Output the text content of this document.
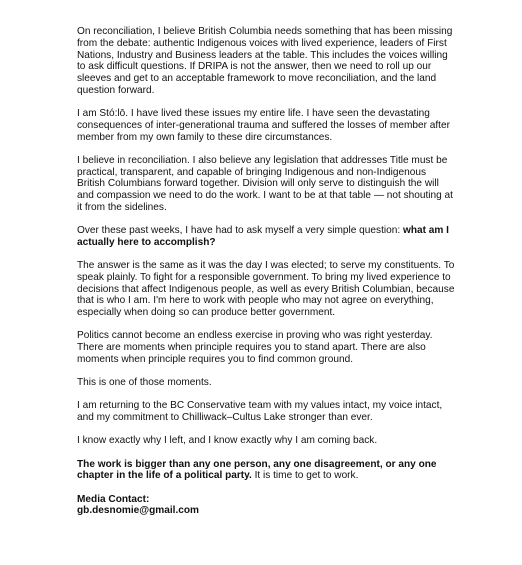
On reconciliation, I believe British Columbia needs something that has been missing from the debate: authentic Indigenous voices with lived experience, leaders of First Nations, Industry and Business leaders at the table. This includes the voices willing to ask difficult questions. If DRIPA is not the answer, then we need to roll up our sleeves and get to an acceptable framework to move reconciliation, and the land question forward.

I am Stó:lō. I have lived these issues my entire life. I have seen the devastating consequences of inter-generational trauma and suffered the losses of member after member from my own family to these dire circumstances.

I believe in reconciliation. I also believe any legislation that addresses Title must be practical, transparent, and capable of bringing Indigenous and non-Indigenous British Columbians forward together. Division will only serve to distinguish the will and compassion we need to do the work. I want to be at that table — not shouting at it from the sidelines.

Over these past weeks, I have had to ask myself a very simple question: what am I actually here to accomplish?

The answer is the same as it was the day I was elected; to serve my constituents. To speak plainly. To fight for a responsible government. To bring my lived experience to decisions that affect Indigenous people, as well as every British Columbian, because that is who I am. I'm here to work with people who may not agree on everything, especially when doing so can produce better government.

Politics cannot become an endless exercise in proving who was right yesterday. There are moments when principle requires you to stand apart. There are also moments when principle requires you to find common ground.

This is one of those moments.

I am returning to the BC Conservative team with my values intact, my voice intact, and my commitment to Chilliwack–Cultus Lake stronger than ever.

I know exactly why I left, and I know exactly why I am coming back.

The work is bigger than any one person, any one disagreement, or any one chapter in the life of a political party. It is time to get to work.

Media Contact:

gb.desnomie@gmail.com
